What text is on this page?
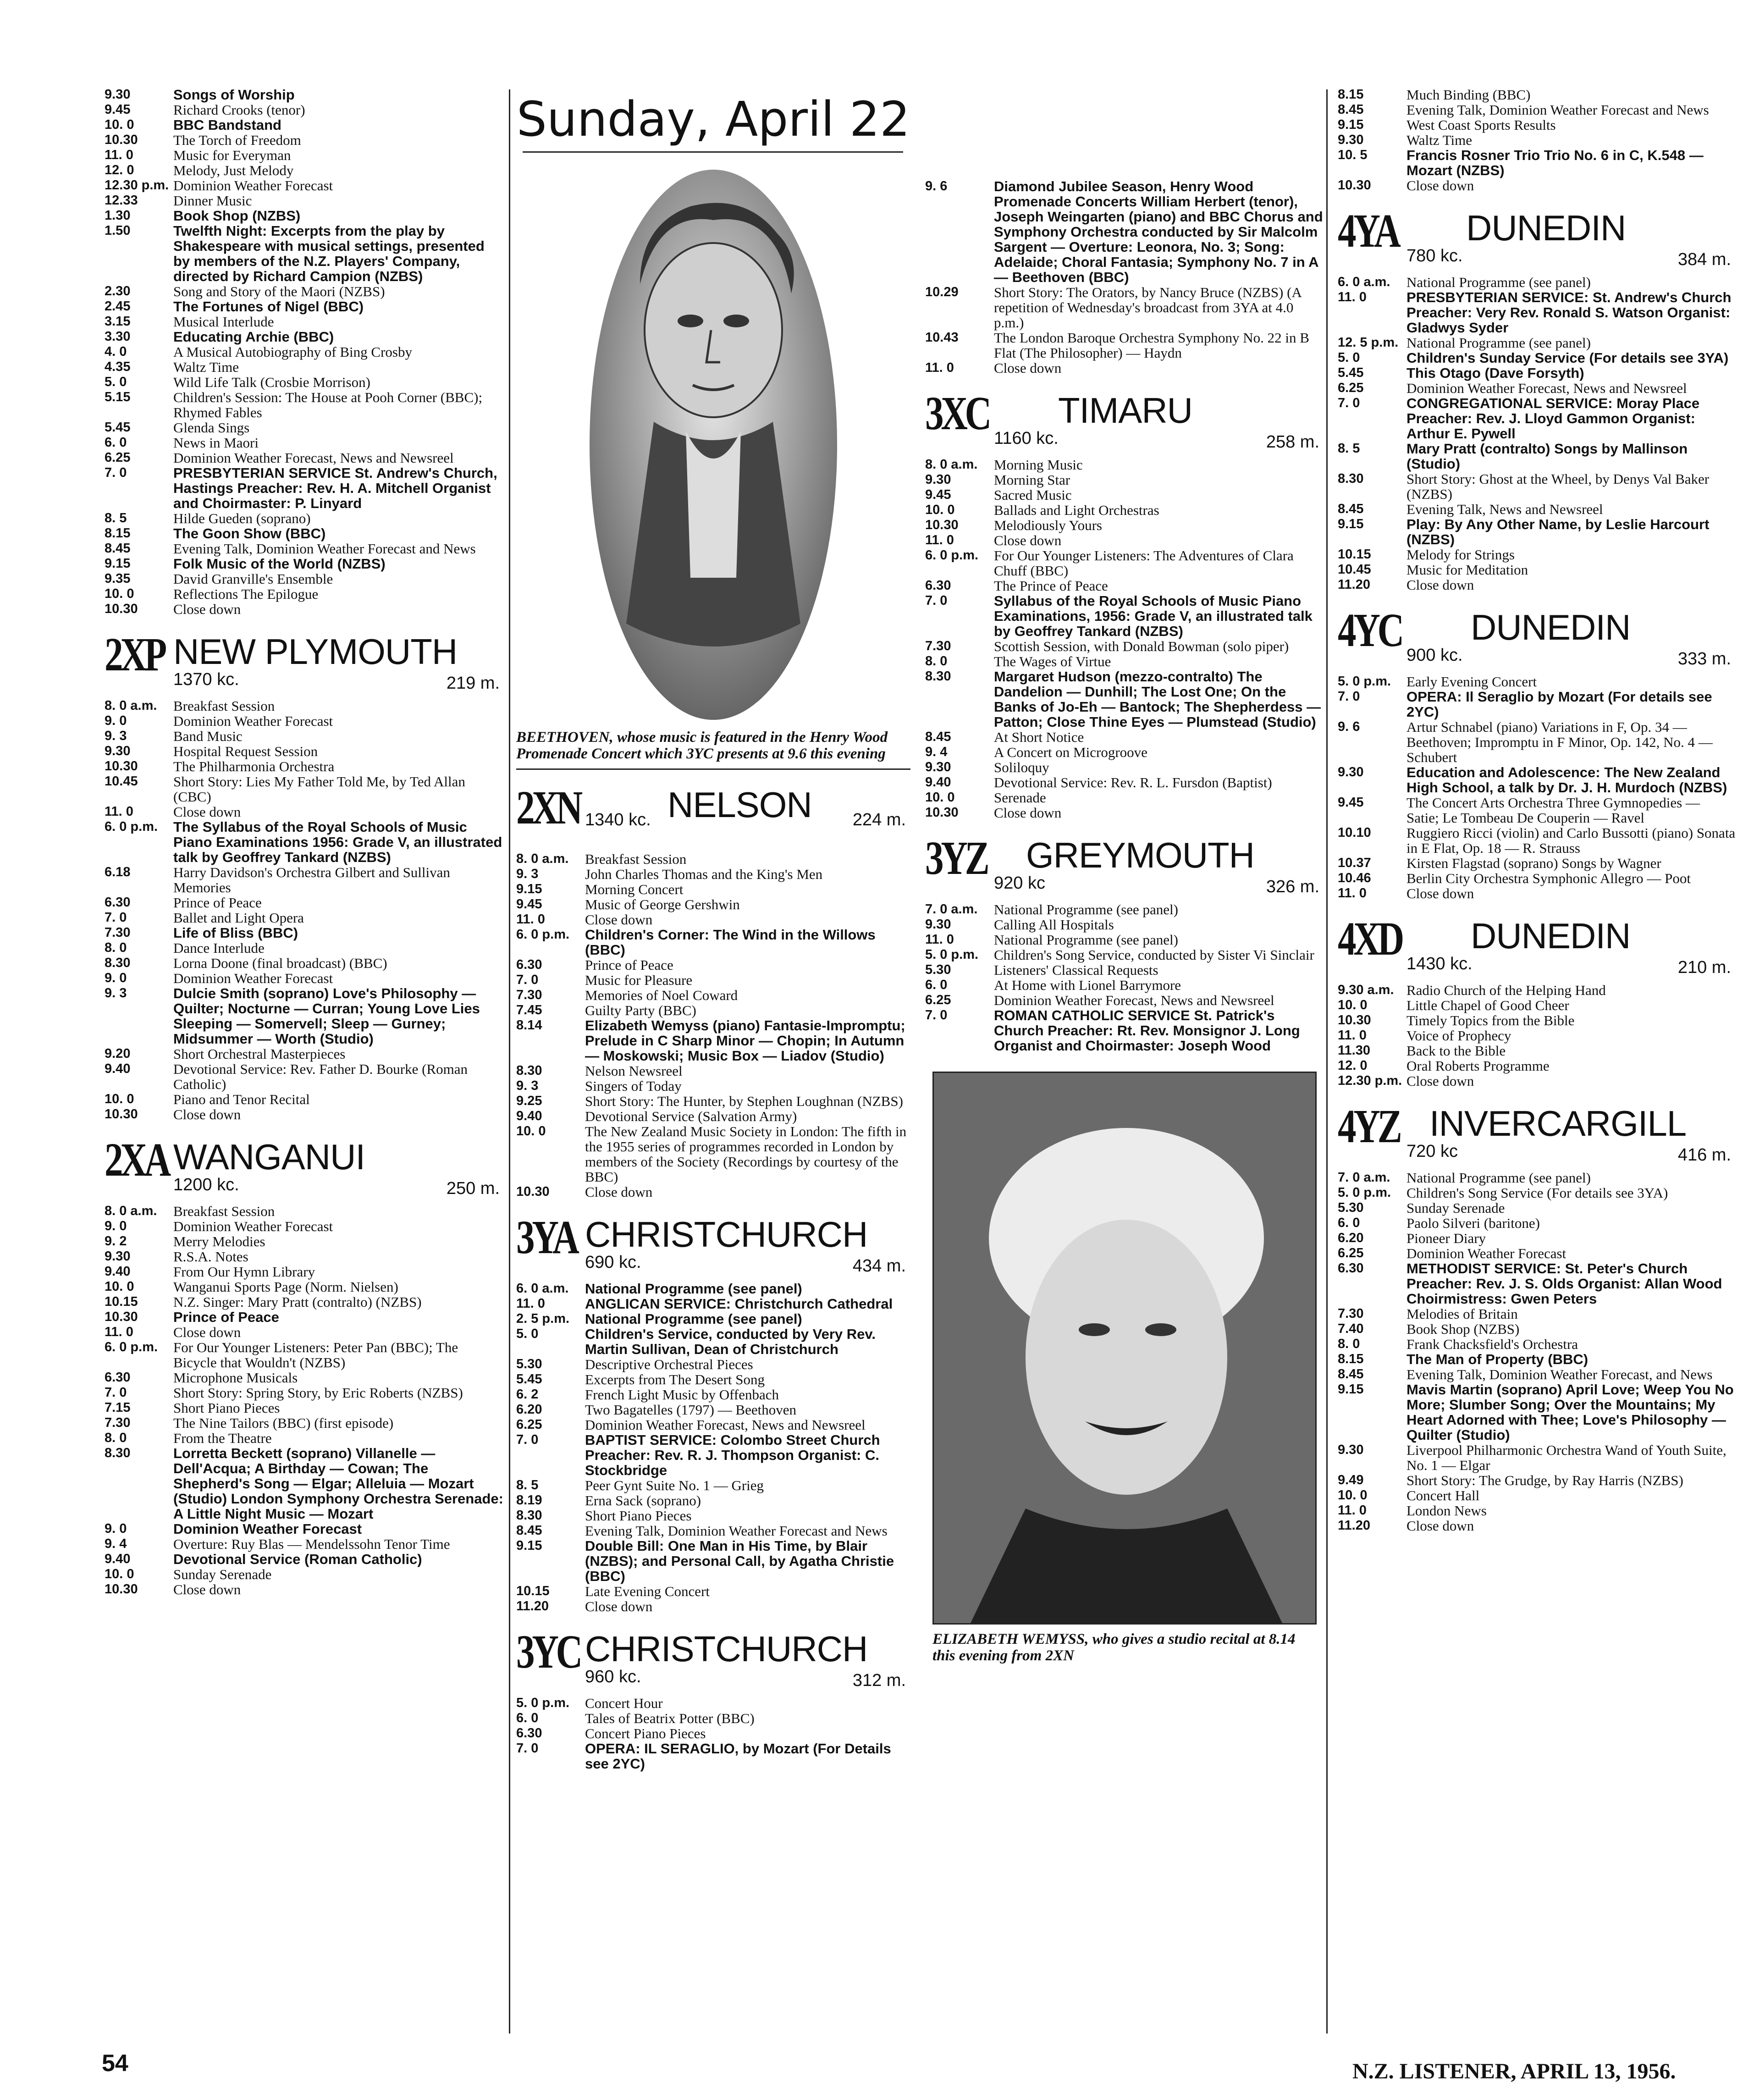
Sunday, April 22
9.30	Songs of Worship
9.45	Richard Crooks (tenor)
10. 0	BBC Bandstand
10.30	The Torch of Freedom
11. 0	Music for Everyman
12. 0	Melody, Just Melody
12.30 p.m. Dominion Weather Forecast
12.33	Dinner Music
1.30	Book Shop (NZBS)
1.50	Twelfth Night: Excerpts from the play by Shakespeare with musical settings, presented by members of the N.Z. Players' Company, directed by Richard Campion (NZBS)
2.30	Song and Story of the Maori (NZBS)
2.45	The Fortunes of Nigel (BBC)
3.15	Musical Interlude
3.30	Educating Archie (BBC)
4. 0	A Musical Autobiography of Bing Crosby
4.35	Waltz Time
5. 0	Wild Life Talk (Crosbie Morrison)
5.15	Children's Session: The House at Pooh Corner (BBC); Rhymed Fables
5.45	Glenda Sings
6. 0	News in Maori
6.25	Dominion Weather Forecast, News and Newsreel
7. 0	PRESBYTERIAN SERVICE St. Andrew's Church, Hastings Preacher: Rev. H. A. Mitchell Organist and Choirmaster: P. Linyard
8. 5	Hilde Gueden (soprano)
8.15	The Goon Show (BBC)
8.45	Evening Talk, Dominion Weather Forecast and News
9.15	Folk Music of the World (NZBS)
9.35	David Granville's Ensemble
10. 0	Reflections The Epilogue
10.30	Close down
2XP NEW PLYMOUTH
1370 kc.	219 m.
8. 0 a.m.	Breakfast Session
9. 0	Dominion Weather Forecast
9. 3	Band Music
9.30	Hospital Request Session
10.30	The Philharmonia Orchestra
10.45	Short Story: Lies My Father Told Me, by Ted Allan (CBC)
11. 0	Close down
6. 0 p.m.	The Syllabus of the Royal Schools of Music Piano Examinations 1956: Grade V, an illustrated talk by Geoffrey Tankard (NZBS)
6.18	Harry Davidson's Orchestra Gilbert and Sullivan Memories
6.30	Prince of Peace
7. 0	Ballet and Light Opera
7.30	Life of Bliss (BBC)
8. 0	Dance Interlude
8.30	Lorna Doone (final broadcast) (BBC)
9. 0	Dominion Weather Forecast
9. 3	Dulcie Smith (soprano) Love's Philosophy — Quilter; Nocturne — Curran; Young Love Lies Sleeping — Somervell; Sleep — Gurney; Midsummer — Worth (Studio)
9.20	Short Orchestral Masterpieces
9.40	Devotional Service: Rev. Father D. Bourke (Roman Catholic)
10. 0	Piano and Tenor Recital
10.30	Close down
2XA WANGANUI
1200 kc.	250 m.
8. 0 a.m.	Breakfast Session
9. 0	Dominion Weather Forecast
9. 2	Merry Melodies
9.30	R.S.A. Notes
9.40	From Our Hymn Library
10. 0	Wanganui Sports Page (Norm. Nielsen)
10.15	N.Z. Singer: Mary Pratt (contralto) (NZBS)
10.30	Prince of Peace
11. 0	Close down
6. 0 p.m.	For Our Younger Listeners: Peter Pan (BBC); The Bicycle that Wouldn't (NZBS)
6.30	Microphone Musicals
7. 0	Short Story: Spring Story, by Eric Roberts (NZBS)
7.15	Short Piano Pieces
7.30	The Nine Tailors (BBC) (first episode)
8. 0	From the Theatre
8.30	Lorretta Beckett (soprano) Villanelle — Dell'Acqua; A Birthday — Cowan; The Shepherd's Song — Elgar; Alleluia — Mozart (Studio) London Symphony Orchestra Serenade: A Little Night Music — Mozart
9. 0	Dominion Weather Forecast
9. 4	Overture: Ruy Blas — Mendelssohn Tenor Time
9.40	Devotional Service (Roman Catholic)
10. 0	Sunday Serenade
10.30	Close down
BEETHOVEN, whose music is featured in the Henry Wood Promenade Concert which 3YC presents at 9.6 this evening
2XN NELSON
1340 kc.	224 m.
8. 0 a.m.	Breakfast Session
9. 3	John Charles Thomas and the King's Men
9.15	Morning Concert
9.45	Music of George Gershwin
11. 0	Close down
6. 0 p.m.	Children's Corner: The Wind in the Willows (BBC)
6.30	Prince of Peace
7. 0	Music for Pleasure
7.30	Memories of Noel Coward
7.45	Guilty Party (BBC)
8.14	Elizabeth Wemyss (piano) Fantasie-Impromptu; Prelude in C Sharp Minor — Chopin; In Autumn — Moskowski; Music Box — Liadov (Studio)
8.30	Nelson Newsreel
9. 3	Singers of Today
9.25	Short Story: The Hunter, by Stephen Loughnan (NZBS)
9.40	Devotional Service (Salvation Army)
10. 0	The New Zealand Music Society in London: The fifth in the 1955 series of programmes recorded in London by members of the Society (Recordings by courtesy of the BBC)
10.30	Close down
3YA CHRISTCHURCH
690 kc.	434 m.
6. 0 a.m.	National Programme (see panel)
11. 0	ANGLICAN SERVICE: Christchurch Cathedral
2. 5 p.m.	National Programme (see panel)
5. 0	Children's Service, conducted by Very Rev. Martin Sullivan, Dean of Christchurch
5.30	Descriptive Orchestral Pieces
5.45	Excerpts from The Desert Song
6. 2	French Light Music by Offenbach
6.20	Two Bagatelles (1797) — Beethoven
6.25	Dominion Weather Forecast, News and Newsreel
7. 0	BAPTIST SERVICE: Colombo Street Church Preacher: Rev. R. J. Thompson Organist: C. Stockbridge
8. 5	Peer Gynt Suite No. 1 — Grieg
8.19	Erna Sack (soprano)
8.30	Short Piano Pieces
8.45	Evening Talk, Dominion Weather Forecast and News
9.15	Double Bill: One Man in His Time, by Blair (NZBS); and Personal Call, by Agatha Christie (BBC)
10.15	Late Evening Concert
11.20	Close down
3YC CHRISTCHURCH
960 kc.	312 m.
5. 0 p.m.	Concert Hour
6. 0	Tales of Beatrix Potter (BBC)
6.30	Concert Piano Pieces
7. 0	OPERA: IL SERAGLIO, by Mozart (For Details see 2YC)
9. 6	Diamond Jubilee Season, Henry Wood Promenade Concerts William Herbert (tenor), Joseph Weingarten (piano) and BBC Chorus and Symphony Orchestra conducted by Sir Malcolm Sargent — Overture: Leonora, No. 3; Song: Adelaide; Choral Fantasia; Symphony No. 7 in A — Beethoven (BBC)
10.29	Short Story: The Orators, by Nancy Bruce (NZBS) (A repetition of Wednesday's broadcast from 3YA at 4.0 p.m.)
10.43	The London Baroque Orchestra Symphony No. 22 in B Flat (The Philosopher) — Haydn
11. 0	Close down
3XC TIMARU
1160 kc.	258 m.
8. 0 a.m.	Morning Music
9.30	Morning Star
9.45	Sacred Music
10. 0	Ballads and Light Orchestras
10.30	Melodiously Yours
11. 0	Close down
6. 0 p.m.	For Our Younger Listeners: The Adventures of Clara Chuff (BBC)
6.30	The Prince of Peace
7. 0	Syllabus of the Royal Schools of Music Piano Examinations, 1956: Grade V, an illustrated talk by Geoffrey Tankard (NZBS)
7.30	Scottish Session, with Donald Bowman (solo piper)
8. 0	The Wages of Virtue
8.30	Margaret Hudson (mezzo-contralto) The Dandelion — Dunhill; The Lost One; On the Banks of Jo-Eh — Bantock; The Shepherdess — Patton; Close Thine Eyes — Plumstead (Studio)
8.45	At Short Notice
9. 4	A Concert on Microgroove
9.30	Soliloquy
9.40	Devotional Service: Rev. R. L. Fursdon (Baptist)
10. 0	Serenade
10.30	Close down
3YZ GREYMOUTH
920 kc	326 m.
7. 0 a.m.	National Programme (see panel)
9.30	Calling All Hospitals
11. 0	National Programme (see panel)
5. 0 p.m.	Children's Song Service, conducted by Sister Vi Sinclair
5.30	Listeners' Classical Requests
6. 0	At Home with Lionel Barrymore
6.25	Dominion Weather Forecast, News and Newsreel
7. 0	ROMAN CATHOLIC SERVICE St. Patrick's Church Preacher: Rt. Rev. Monsignor J. Long Organist and Choirmaster: Joseph Wood
ELIZABETH WEMYSS, who gives a studio recital at 8.14 this evening from 2XN
8.15	Much Binding (BBC)
8.45	Evening Talk, Dominion Weather Forecast and News
9.15	West Coast Sports Results
9.30	Waltz Time
10. 5	Francis Rosner Trio Trio No. 6 in C, K.548 — Mozart (NZBS)
10.30	Close down
4YA DUNEDIN
780 kc.	384 m.
6. 0 a.m.	National Programme (see panel)
11. 0	PRESBYTERIAN SERVICE: St. Andrew's Church Preacher: Very Rev. Ronald S. Watson Organist: Gladwys Syder
12. 5 p.m. National Programme (see panel)
5. 0	Children's Sunday Service (For details see 3YA)
5.45	This Otago (Dave Forsyth)
6.25	Dominion Weather Forecast, News and Newsreel
7. 0	CONGREGATIONAL SERVICE: Moray Place Preacher: Rev. J. Lloyd Gammon Organist: Arthur E. Pywell
8. 5	Mary Pratt (contralto) Songs by Mallinson (Studio)
8.30	Short Story: Ghost at the Wheel, by Denys Val Baker (NZBS)
8.45	Evening Talk, News and Newsreel
9.15	Play: By Any Other Name, by Leslie Harcourt (NZBS)
10.15	Melody for Strings
10.45	Music for Meditation
11.20	Close down
4YC DUNEDIN
900 kc.	333 m.
5. 0 p.m.	Early Evening Concert
7. 0	OPERA: Il Seraglio by Mozart (For details see 2YC)
9. 6	Artur Schnabel (piano) Variations in F, Op. 34 — Beethoven; Impromptu in F Minor, Op. 142, No. 4 — Schubert
9.30	Education and Adolescence: The New Zealand High School, a talk by Dr. J. H. Murdoch (NZBS)
9.45	The Concert Arts Orchestra Three Gymnopedies — Satie; Le Tombeau De Couperin — Ravel
10.10	Ruggiero Ricci (violin) and Carlo Bussotti (piano) Sonata in E Flat, Op. 18 — R. Strauss
10.37	Kirsten Flagstad (soprano) Songs by Wagner
10.46	Berlin City Orchestra Symphonic Allegro — Poot
11. 0	Close down
4XD DUNEDIN
1430 kc.	210 m.
9.30 a.m. Radio Church of the Helping Hand
10. 0	Little Chapel of Good Cheer
10.30	Timely Topics from the Bible
11. 0	Voice of Prophecy
11.30	Back to the Bible
12. 0	Oral Roberts Programme
12.30 p.m. Close down
4YZ INVERCARGILL
720 kc	416 m.
7. 0 a.m.	National Programme (see panel)
5. 0 p.m.	Children's Song Service (For details see 3YA)
5.30	Sunday Serenade
6. 0	Paolo Silveri (baritone)
6.20	Pioneer Diary
6.25	Dominion Weather Forecast
6.30	METHODIST SERVICE: St. Peter's Church Preacher: Rev. J. S. Olds Organist: Allan Wood Choirmistress: Gwen Peters
7.30	Melodies of Britain
7.40	Book Shop (NZBS)
8. 0	Frank Chacksfield's Orchestra
8.15	The Man of Property (BBC)
8.45	Evening Talk, Dominion Weather Forecast, and News
9.15	Mavis Martin (soprano) April Love; Weep You No More; Slumber Song; Over the Mountains; My Heart Adorned with Thee; Love's Philosophy — Quilter (Studio)
9.30	Liverpool Philharmonic Orchestra Wand of Youth Suite, No. 1 — Elgar
9.49	Short Story: The Grudge, by Ray Harris (NZBS)
10. 0	Concert Hall
11. 0	London News
11.20	Close down
54	N.Z. LISTENER, APRIL 13, 1956.
